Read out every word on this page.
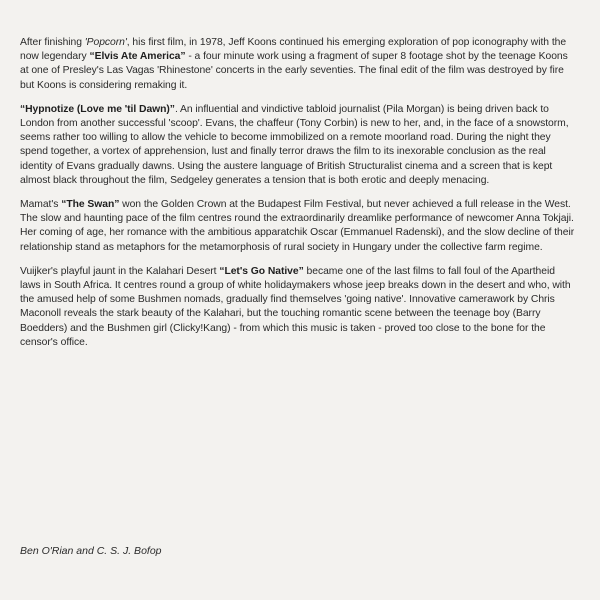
After finishing 'Popcorn', his first film, in 1978, Jeff Koons continued his emerging exploration of pop iconography with the now legendary “Elvis Ate America” - a four minute work using a fragment of super 8 footage shot by the teenage Koons at one of Presley's Las Vagas 'Rhinestone' concerts in the early seventies. The final edit of the film was destroyed by fire but Koons is considering remaking it.

“Hypnotize (Love me 'til Dawn)”. An influential and vindictive tabloid journalist (Pila Morgan) is being driven back to London from another successful 'scoop'. Evans, the chaffeur (Tony Corbin) is new to her, and, in the face of a snowstorm, seems rather too willing to allow the vehicle to become immobilized on a remote moorland road. During the night they spend together, a vortex of apprehension, lust and finally terror draws the film to its inexorable conclusion as the real identity of Evans gradually dawns. Using the austere language of British Structuralist cinema and a screen that is kept almost black throughout the film, Sedgeley generates a tension that is both erotic and deeply menacing.

Mamat's “The Swan” won the Golden Crown at the Budapest Film Festival, but never achieved a full release in the West. The slow and haunting pace of the film centres round the extraordinarily dreamlike performance of newcomer Anna Tokjaji. Her coming of age, her romance with the ambitious apparatchik Oscar (Emmanuel Radenski), and the slow decline of their relationship stand as metaphors for the metamorphosis of rural society in Hungary under the collective farm regime.

Vuijker's playful jaunt in the Kalahari Desert “Let's Go Native” became one of the last films to fall foul of the Apartheid laws in South Africa. It centres round a group of white holidaymakers whose jeep breaks down in the desert and who, with the amused help of some Bushmen nomads, gradually find themselves 'going native'. Innovative camerawork by Chris Maconoll reveals the stark beauty of the Kalahari, but the touching romantic scene between the teenage boy (Barry Boedders) and the Bushmen girl (Clicky!Kang) - from which this music is taken - proved too close to the bone for the censor's office.

Ben O'Rian and C. S. J. Bofop
